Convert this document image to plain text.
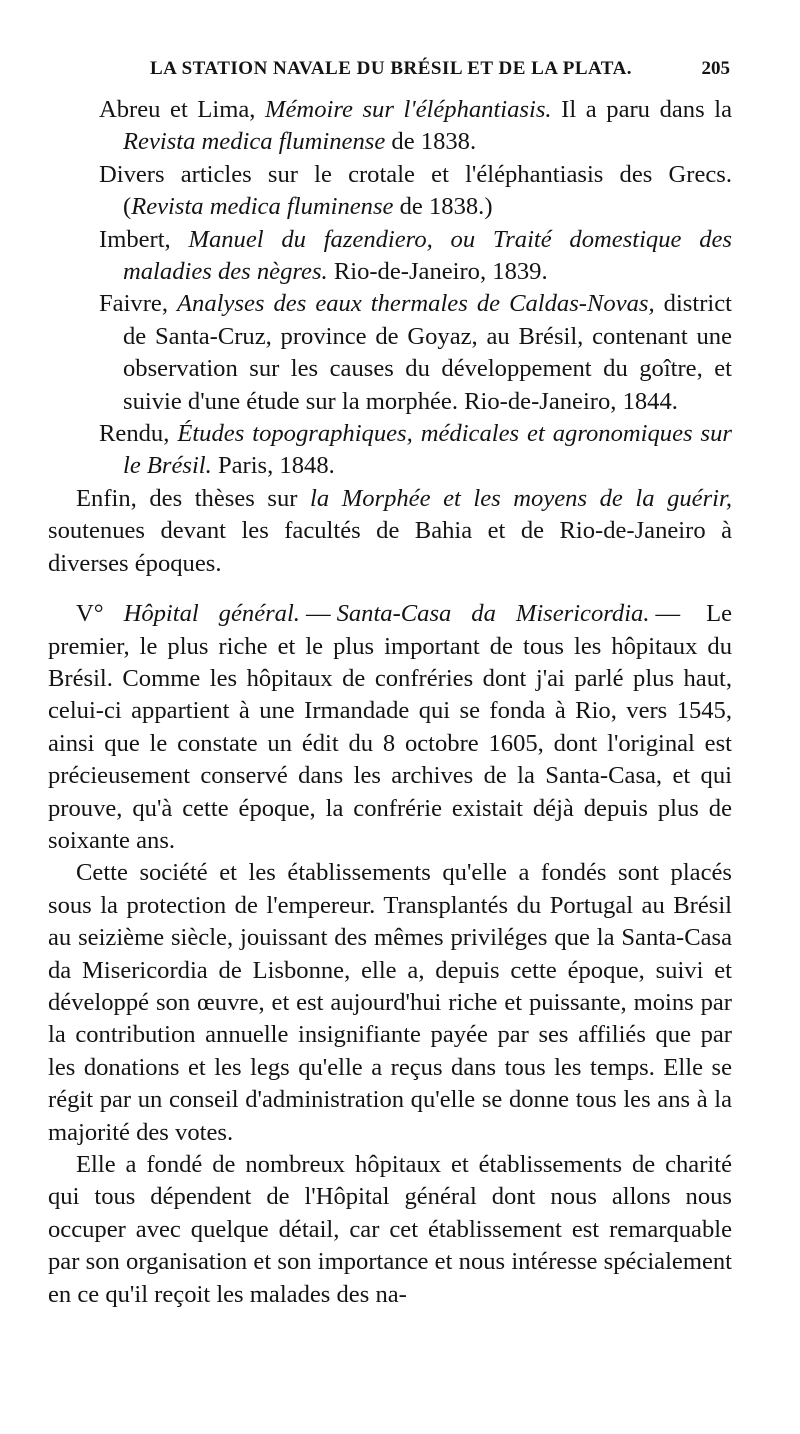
LA STATION NAVALE DU BRÉSIL ET DE LA PLATA.	205

Abreu et Lima, Mémoire sur l'éléphantiasis. Il a paru dans la Revista medica fluminense de 1838.

Divers articles sur le crotale et l'éléphantiasis des Grecs. (Revista medica fluminense de 1838.)

Imbert, Manuel du fazendiero, ou Traité domestique des maladies des nègres. Rio-de-Janeiro, 1839.

Faivre, Analyses des eaux thermales de Caldas-Novas, district de Santa-Cruz, province de Goyaz, au Brésil, contenant une observation sur les causes du développement du goître, et suivie d'une étude sur la morphée. Rio-de-Janeiro, 1844.

Rendu, Études topographiques, médicales et agronomiques sur le Brésil. Paris, 1848.

Enfin, des thèses sur la Morphée et les moyens de la guérir, soutenues devant les facultés de Bahia et de Rio-de-Janeiro à diverses époques.

V° Hôpital général. — Santa-Casa da Misericordia. — Le premier, le plus riche et le plus important de tous les hôpitaux du Brésil. Comme les hôpitaux de confréries dont j'ai parlé plus haut, celui-ci appartient à une Irmandade qui se fonda à Rio, vers 1545, ainsi que le constate un édit du 8 octobre 1605, dont l'original est précieusement conservé dans les archives de la Santa-Casa, et qui prouve, qu'à cette époque, la confrérie existait déjà depuis plus de soixante ans.

Cette société et les établissements qu'elle a fondés sont placés sous la protection de l'empereur. Transplantés du Portugal au Brésil au seizième siècle, jouissant des mêmes priviléges que la Santa-Casa da Misericordia de Lisbonne, elle a, depuis cette époque, suivi et développé son œuvre, et est aujourd'hui riche et puissante, moins par la contribution annuelle insignifiante payée par ses affiliés que par les donations et les legs qu'elle a reçus dans tous les temps. Elle se régit par un conseil d'administration qu'elle se donne tous les ans à la majorité des votes.

Elle a fondé de nombreux hôpitaux et établissements de charité qui tous dépendent de l'Hôpital général dont nous allons nous occuper avec quelque détail, car cet établissement est remarquable par son organisation et son importance et nous intéresse spécialement en ce qu'il reçoit les malades des na-
